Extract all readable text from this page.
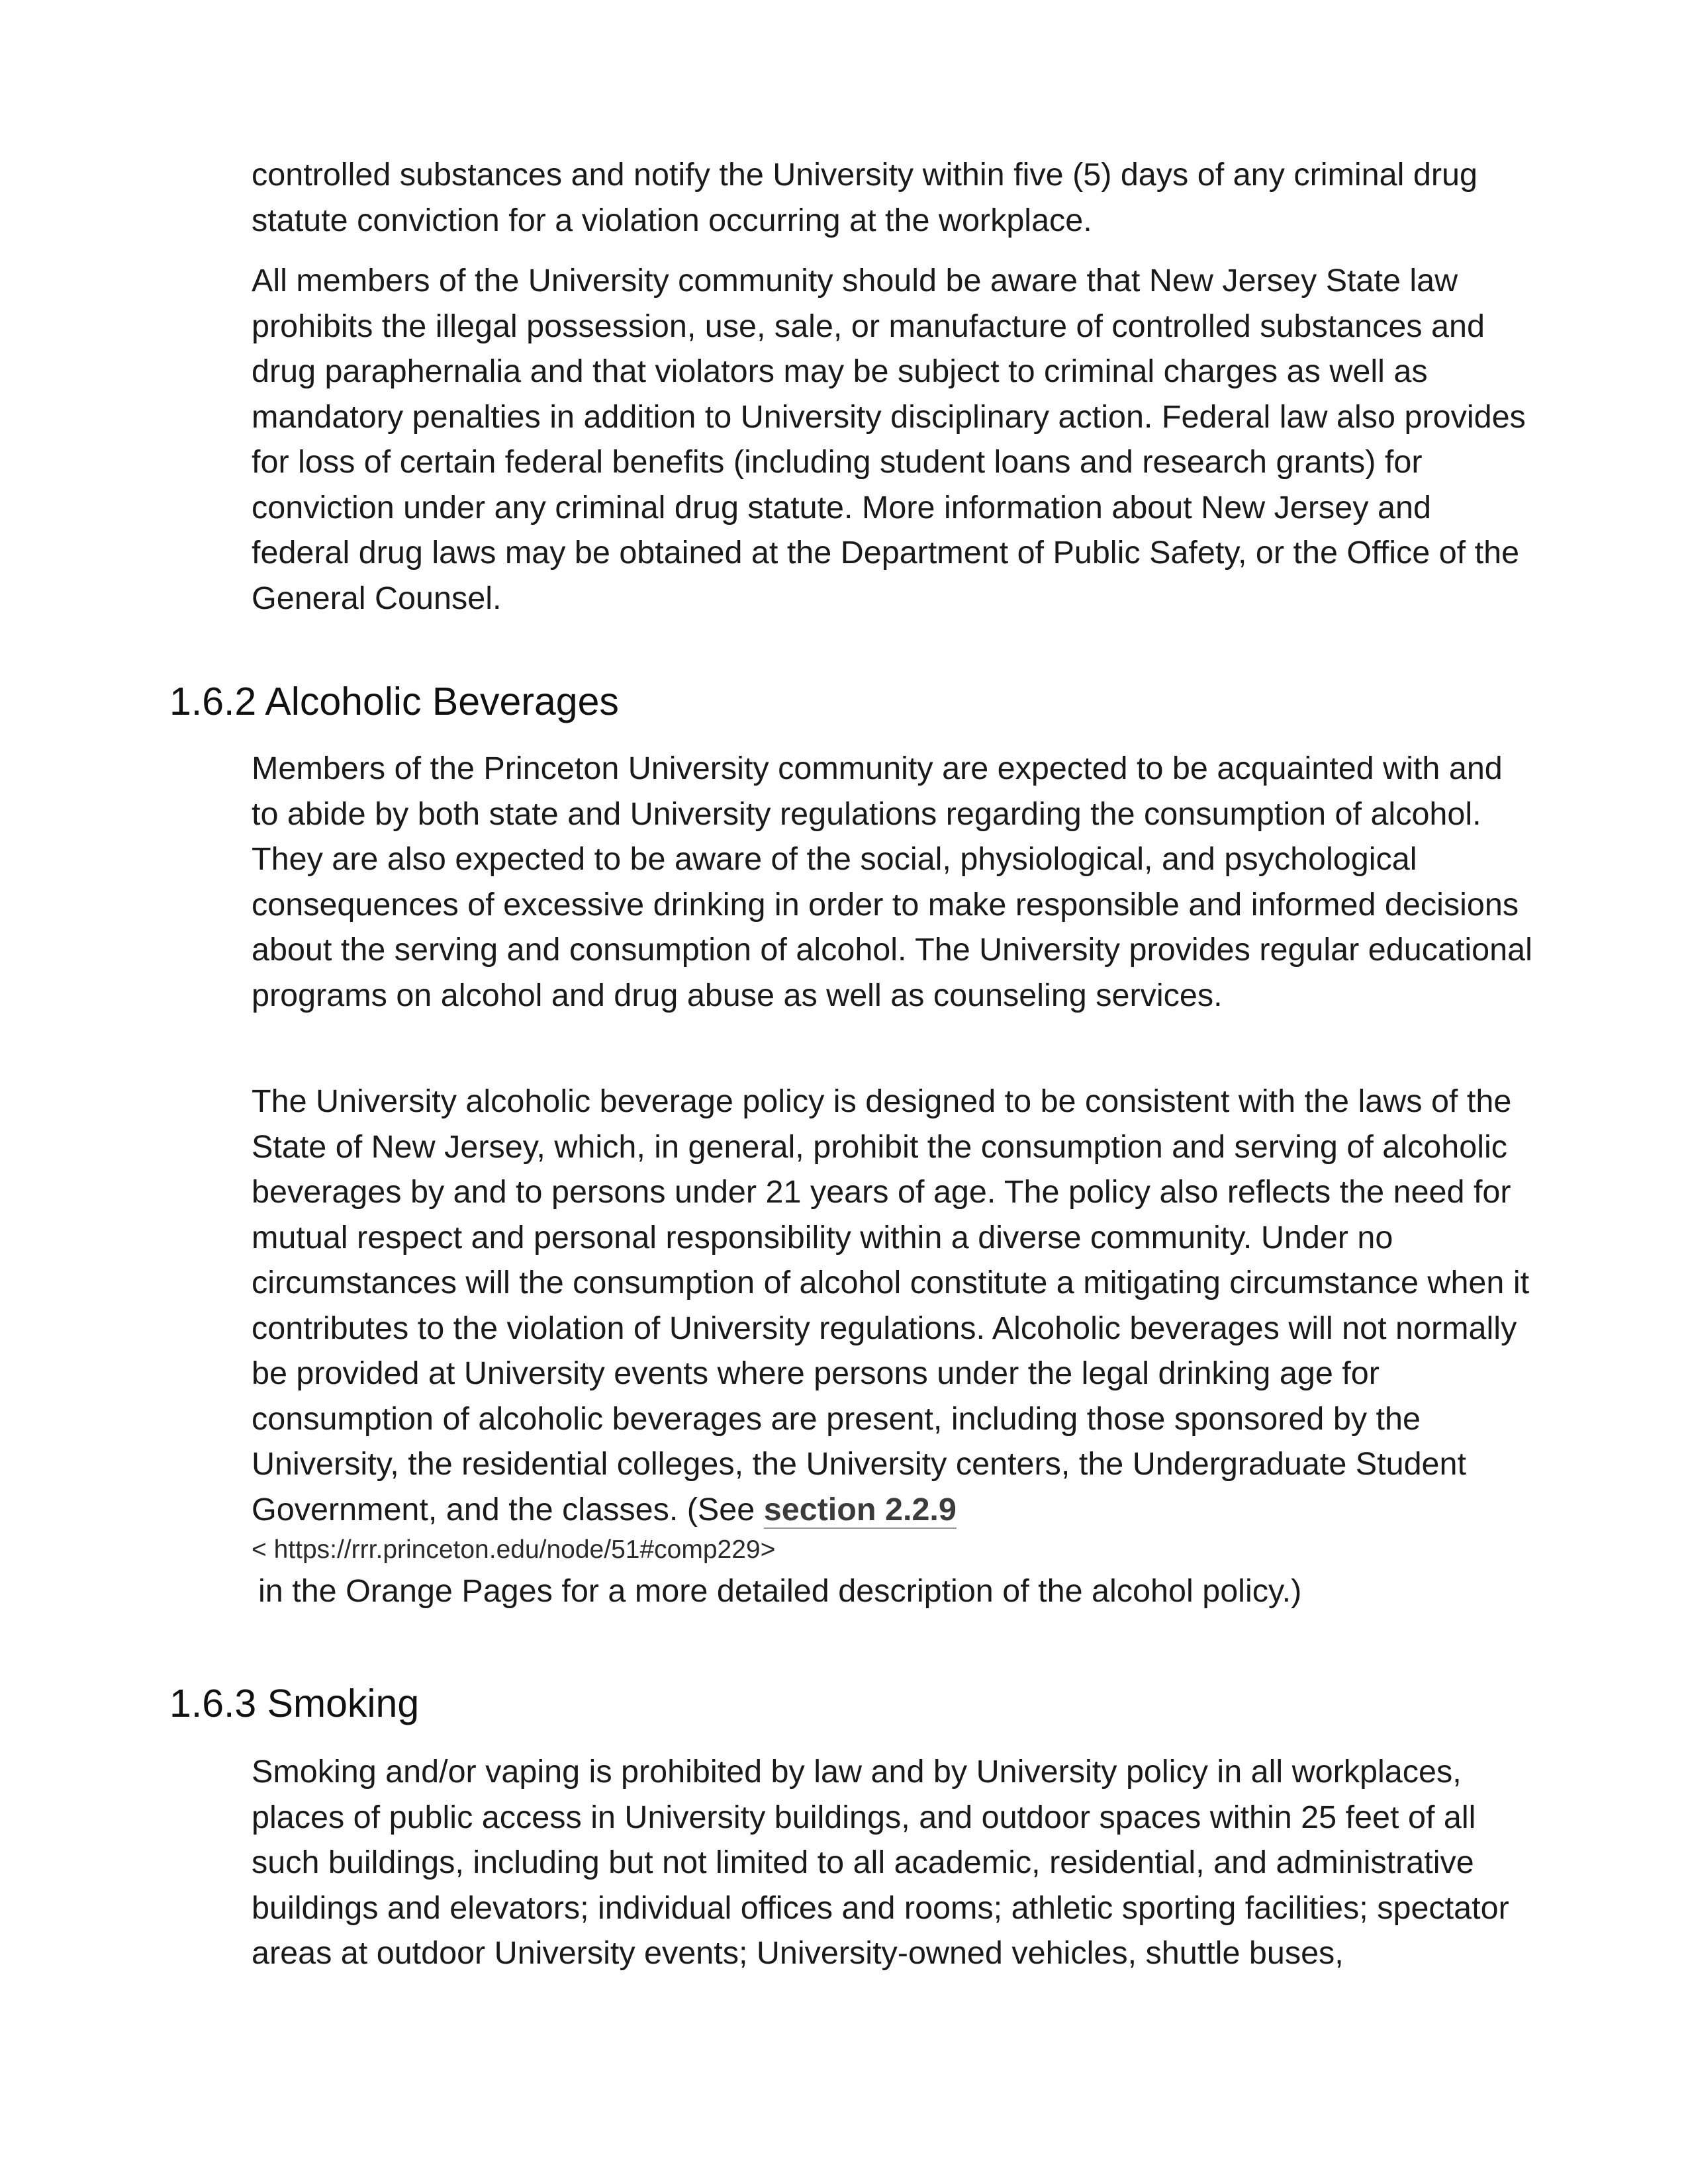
controlled substances and notify the University within five (5) days of any criminal drug statute conviction for a violation occurring at the workplace.

All members of the University community should be aware that New Jersey State law prohibits the illegal possession, use, sale, or manufacture of controlled substances and drug paraphernalia and that violators may be subject to criminal charges as well as mandatory penalties in addition to University disciplinary action. Federal law also provides for loss of certain federal benefits (including student loans and research grants) for conviction under any criminal drug statute. More information about New Jersey and federal drug laws may be obtained at the Department of Public Safety, or the Office of the General Counsel.

1.6.2 Alcoholic Beverages

Members of the Princeton University community are expected to be acquainted with and to abide by both state and University regulations regarding the consumption of alcohol. They are also expected to be aware of the social, physiological, and psychological consequences of excessive drinking in order to make responsible and informed decisions about the serving and consumption of alcohol. The University provides regular educational programs on alcohol and drug abuse as well as counseling services.

The University alcoholic beverage policy is designed to be consistent with the laws of the State of New Jersey, which, in general, prohibit the consumption and serving of alcoholic beverages by and to persons under 21 years of age. The policy also reflects the need for mutual respect and personal responsibility within a diverse community. Under no circumstances will the consumption of alcohol constitute a mitigating circumstance when it contributes to the violation of University regulations. Alcoholic beverages will not normally be provided at University events where persons under the legal drinking age for consumption of alcoholic beverages are present, including those sponsored by the University, the residential colleges, the University centers, the Undergraduate Student Government, and the classes. (See section 2.2.9

< https://rrr.princeton.edu/node/51#comp229>

in the Orange Pages for a more detailed description of the alcohol policy.)

1.6.3 Smoking

Smoking and/or vaping is prohibited by law and by University policy in all workplaces, places of public access in University buildings, and outdoor spaces within 25 feet of all such buildings, including but not limited to all academic, residential, and administrative buildings and elevators; individual offices and rooms; athletic sporting facilities; spectator areas at outdoor University events; University-owned vehicles, shuttle buses,
